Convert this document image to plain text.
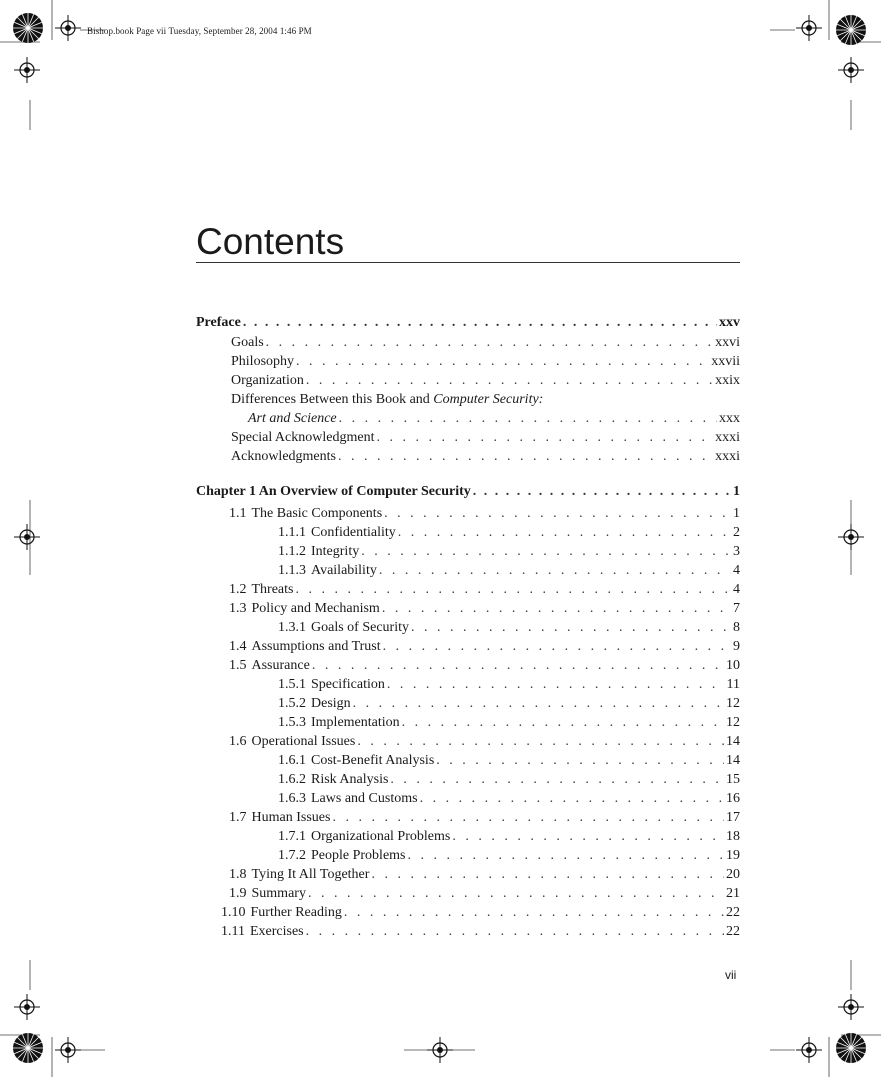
Bishop.book Page vii Tuesday, September 28, 2004 1:46 PM
Contents
Preface . . .	xxv
Goals . . .	xxvi
Philosophy . . .	xxvii
Organization . . .	xxix
Differences Between this Book and Computer Security:
Art and Science . . .	xxx
Special Acknowledgment . . .	xxxi
Acknowledgments . . .	xxxi
Chapter 1 An Overview of Computer Security . . .	1
1.1 The Basic Components . . .	1
1.1.1 Confidentiality . . .	2
1.1.2 Integrity . . .	3
1.1.3 Availability . . .	4
1.2 Threats . . .	4
1.3 Policy and Mechanism . . .	7
1.3.1 Goals of Security . . .	8
1.4 Assumptions and Trust . . .	9
1.5 Assurance . . .	10
1.5.1 Specification . . .	11
1.5.2 Design . . .	12
1.5.3 Implementation . . .	12
1.6 Operational Issues . . .	14
1.6.1 Cost-Benefit Analysis . . .	14
1.6.2 Risk Analysis . . .	15
1.6.3 Laws and Customs . . .	16
1.7 Human Issues . . .	17
1.7.1 Organizational Problems . . .	18
1.7.2 People Problems . . .	19
1.8 Tying It All Together . . .	20
1.9 Summary . . .	21
1.10 Further Reading . . .	22
1.11 Exercises . . .	22
vii
